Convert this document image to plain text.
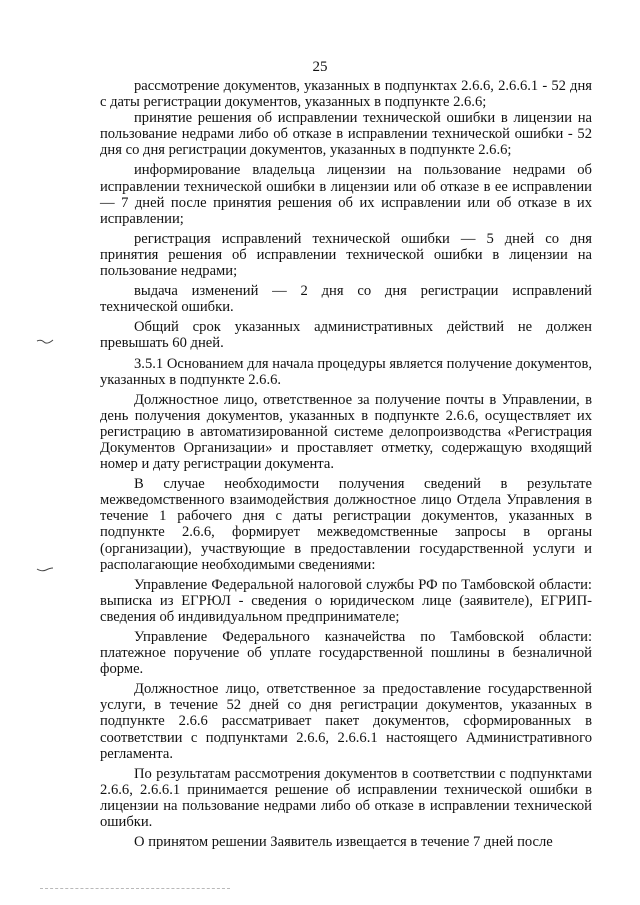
25

рассмотрение документов, указанных в подпунктах 2.6.6, 2.6.6.1 - 52 дня с даты регистрации документов, указанных в подпункте 2.6.6;

принятие решения об исправлении технической ошибки в лицензии на пользование недрами либо об отказе в исправлении технической ошибки - 52 дня со дня регистрации документов, указанных в подпункте 2.6.6;

информирование владельца лицензии на пользование недрами об исправлении технической ошибки в лицензии или об отказе в ее исправлении — 7 дней после принятия решения об их исправлении или об отказе в их исправлении;

регистрация исправлений технической ошибки — 5 дней со дня принятия решения об исправлении технической ошибки в лицензии на пользование недрами;

выдача изменений — 2 дня со дня регистрации исправлений технической ошибки.

Общий срок указанных административных действий не должен превышать 60 дней.

3.5.1 Основанием для начала процедуры является получение документов, указанных в подпункте 2.6.6.

Должностное лицо, ответственное за получение почты в Управлении, в день получения документов, указанных в подпункте 2.6.6, осуществляет их регистрацию в автоматизированной системе делопроизводства «Регистрация Документов Организации» и проставляет отметку, содержащую входящий номер и дату регистрации документа.

В случае необходимости получения сведений в результате межведомственного взаимодействия должностное лицо Отдела Управления в течение 1 рабочего дня с даты регистрации документов, указанных в подпункте 2.6.6, формирует межведомственные запросы в органы (организации), участвующие в предоставлении государственной услуги и располагающие необходимыми сведениями:

Управление Федеральной налоговой службы РФ по Тамбовской области: выписка из ЕГРЮЛ - сведения о юридическом лице (заявителе), ЕГРИП- сведения об индивидуальном предпринимателе;

Управление Федерального казначейства по Тамбовской области: платежное поручение об уплате государственной пошлины в безналичной форме.

Должностное лицо, ответственное за предоставление государственной услуги, в течение 52 дней со дня регистрации документов, указанных в подпункте 2.6.6 рассматривает пакет документов, сформированных в соответствии с подпунктами 2.6.6, 2.6.6.1 настоящего Административного регламента.

По результатам рассмотрения документов в соответствии с подпунктами 2.6.6, 2.6.6.1 принимается решение об исправлении технической ошибки в лицензии на пользование недрами либо об отказе в исправлении технической ошибки.

О принятом решении Заявитель извещается в течение 7 дней после
